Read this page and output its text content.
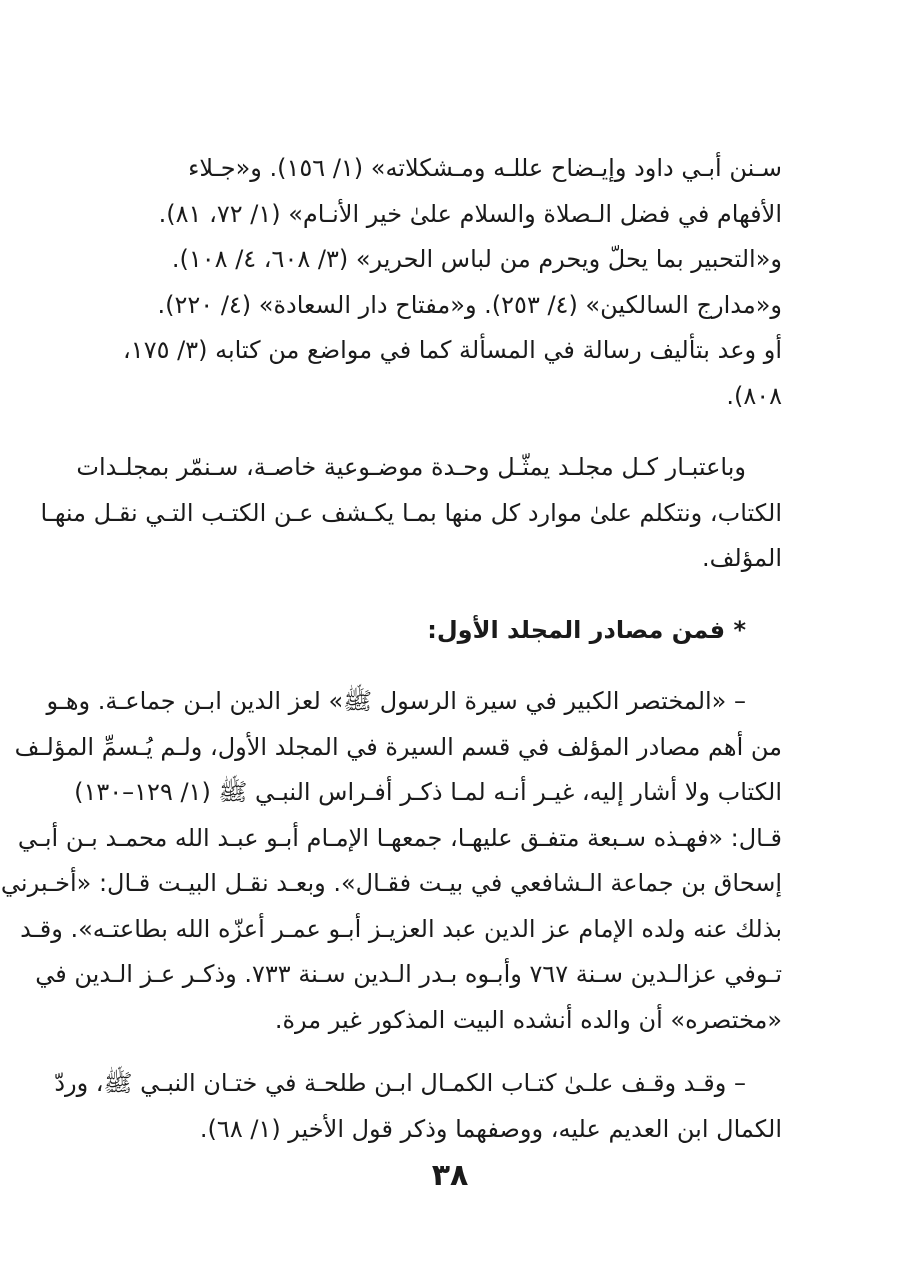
سـنن أبـي داود وإيـضاح عللـه ومـشكلاته» (١/ ١٥٦). و«جـلاء
الأفهام في فضل الـصلاة والسلام علىٰ خير الأنـام» (١/ ٧٢، ٨١).
و«التحبير بما يحلّ ويحرم من لباس الحرير» (٣/ ٦٠٨، ٤/ ١٠٨).
و«مدارج السالكين» (٤/ ٢٥٣). و«مفتاح دار السعادة» (٤/ ٢٢٠).
أو وعد بتأليف رسالة في المسألة كما في مواضع من كتابه (٣/ ١٧٥،
٨٠٨).

وباعتبـار كـل مجلـد يمثّـل وحـدة موضـوعية خاصـة، سـنمّر بمجلـدات
الكتاب، ونتكلم علىٰ موارد كل منها بمـا يكـشف عـن الكتـب التـي نقـل منهـا
المؤلف.

* فمن مصادر المجلد الأول:

– «المختصر الكبير في سيرة الرسول ﷺ» لعز الدين ابـن جماعـة. وهـو
من أهم مصادر المؤلف في قسم السيرة في المجلد الأول، ولـم يُـسمِّ المؤلـف
الكتاب ولا أشار إليه، غيـر أنـه لمـا ذكـر أفـراس النبـي ﷺ (١/ ١٢٩–١٣٠)
قـال: «فهـذه سـبعة متفـق عليهـا، جمعهـا الإمـام أبـو عبـد الله محمـد بـن أبـي
إسحاق بن جماعة الـشافعي في بيـت فقـال». وبعـد نقـل البيـت قـال: «أخـبرني
بذلك عنه ولده الإمام عز الدين عبد العزيـز أبـو عمـر أعزّه الله بطاعتـه». وقـد
تـوفي عزالـدين سـنة ٧٦٧ وأبـوه بـدر الـدين سـنة ٧٣٣. وذكـر عـز الـدين في
«مختصره» أن والده أنشده البيت المذكور غير مرة.

– وقـد وقـف علـىٰ كتـاب الكمـال ابـن طلحـة في ختـان النبـي ﷺ، وردّ
الكمال ابن العديم عليه، ووصفهما وذكر قول الأخير (١/ ٦٨).

٣٨
